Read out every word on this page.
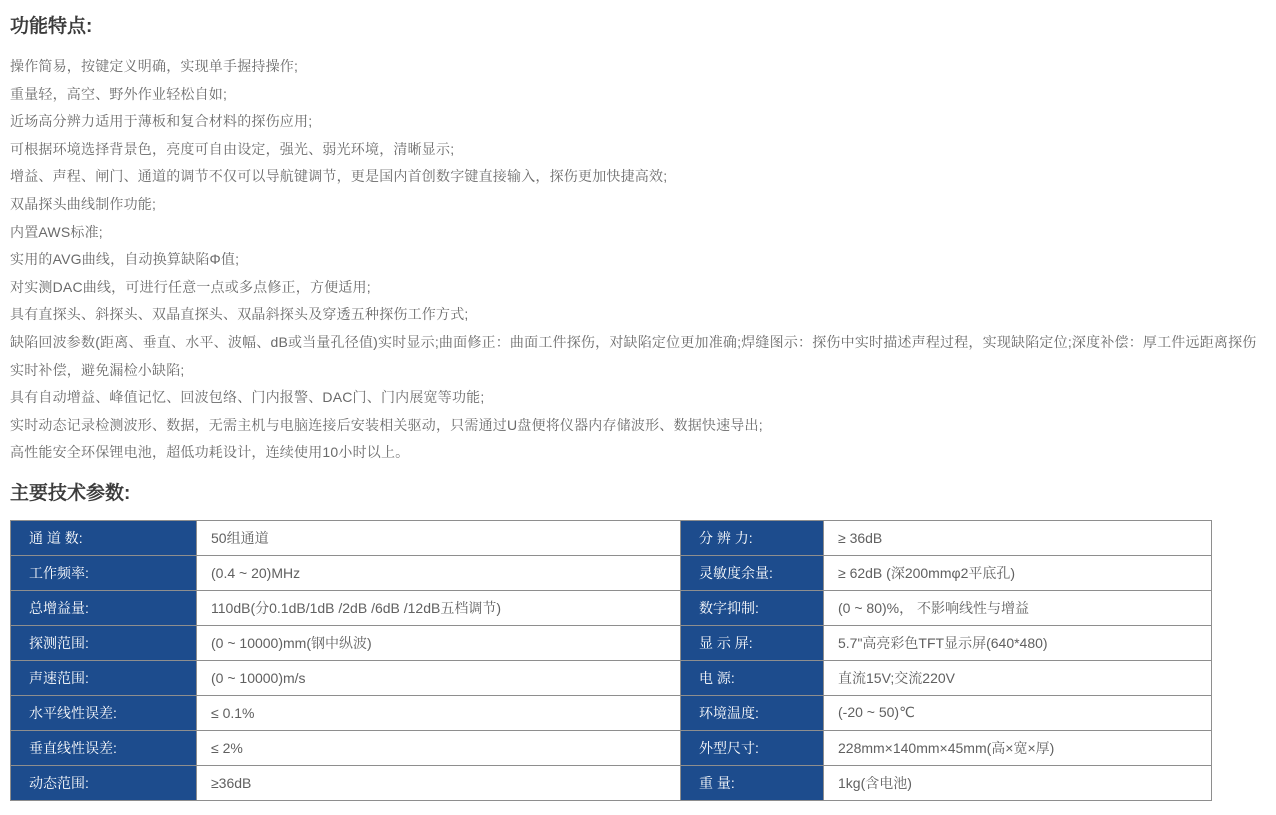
功能特点:

操作简易，按键定义明确，实现单手握持操作;

重量轻，高空、野外作业轻松自如;

近场高分辨力适用于薄板和复合材料的探伤应用;

可根据环境选择背景色，亮度可自由设定，强光、弱光环境，清晰显示;

增益、声程、闸门、通道的调节不仅可以导航键调节，更是国内首创数字键直接输入，探伤更加快捷高效;

双晶探头曲线制作功能;

内置AWS标准;

实用的AVG曲线，自动换算缺陷Φ值;

对实测DAC曲线，可进行任意一点或多点修正，方便适用;

具有直探头、斜探头、双晶直探头、双晶斜探头及穿透五种探伤工作方式;

缺陷回波参数(距离、垂直、水平、波幅、dB或当量孔径值)实时显示;曲面修正：曲面工件探伤，对缺陷定位更加准确;焊缝图示：探伤中实时描述声程过程，实现缺陷定位;深度补偿：厚工件远距离探伤实时补偿，避免漏检小缺陷;

具有自动增益、峰值记忆、回波包络、门内报警、DAC门、门内展宽等功能;

实时动态记录检测波形、数据，无需主机与电脑连接后安装相关驱动，只需通过U盘便将仪器内存储波形、数据快速导出;

高性能安全环保锂电池，超低功耗设计，连续使用10小时以上。

主要技术参数:
通 道 数:	50组通道	分 辨 力:	≥ 36dB
工作频率:	(0.4 ~ 20)MHz	灵敏度余量:	≥ 62dB (深200mmφ2平底孔)
总增益量:	110dB(分0.1dB/1dB /2dB /6dB /12dB五档调节)	数字抑制:	(0 ~ 80)%， 不影响线性与增益
探测范围:	(0 ~ 10000)mm(钢中纵波)	显 示 屏:	5.7"高亮彩色TFT显示屏(640*480)
声速范围:	(0 ~ 10000)m/s	电 源:	直流15V;交流220V
水平线性误差:	≤ 0.1%	环境温度:	(-20 ~ 50)℃
垂直线性误差:	≤ 2%	外型尺寸:	228mm×140mm×45mm(高×宽×厚)
动态范围:	≥36dB	重 量:	1kg(含电池)
